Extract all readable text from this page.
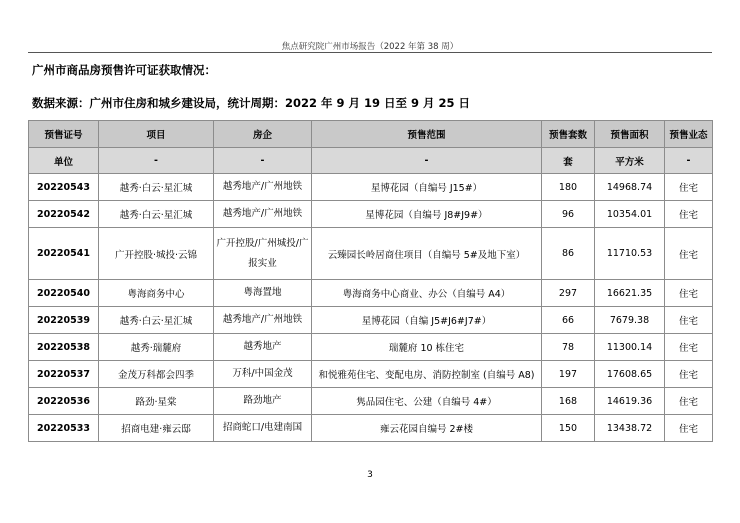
焦点研究院广州市场报告（2022 年第 38 周）
广州市商品房预售许可证获取情况：
数据来源：广州市住房和城乡建设局，统计周期：2022 年 9 月 19 日至 9 月 25 日
预售证号	项目	房企	预售范围	预售套数	预售面积	预售业态
单位	-	-	-	套	平方米	-
20220543	越秀·白云·星汇城	越秀地产/广州地铁	星博花园（自编号 J15#）	180	14968.74	住宅
20220542	越秀·白云·星汇城	越秀地产/广州地铁	星博花园（自编号 J8#J9#）	96	10354.01	住宅
20220541	广开控股·城投·云锦	广开控股/广州城投/广报实业	云臻园长岭居商住项目（自编号 5#及地下室）	86	11710.53	住宅
20220540	粤海商务中心	粤海置地	粤海商务中心商业、办公（自编号 A4）	297	16621.35	住宅
20220539	越秀·白云·星汇城	越秀地产/广州地铁	星博花园（自编 J5#J6#J7#）	66	7679.38	住宅
20220538	越秀·瑞麓府	越秀地产	瑞麓府 10 栋住宅	78	11300.14	住宅
20220537	金茂万科都会四季	万科/中国金茂	和悦雅苑住宅、变配电房、消防控制室 (自编号 A8)	197	17608.65	住宅
20220536	路劲·星棠	路劲地产	隽品园住宅、公建（自编号 4#）	168	14619.36	住宅
20220533	招商电建·雍云邸	招商蛇口/电建南国	雍云花园自编号 2#楼	150	13438.72	住宅
3
